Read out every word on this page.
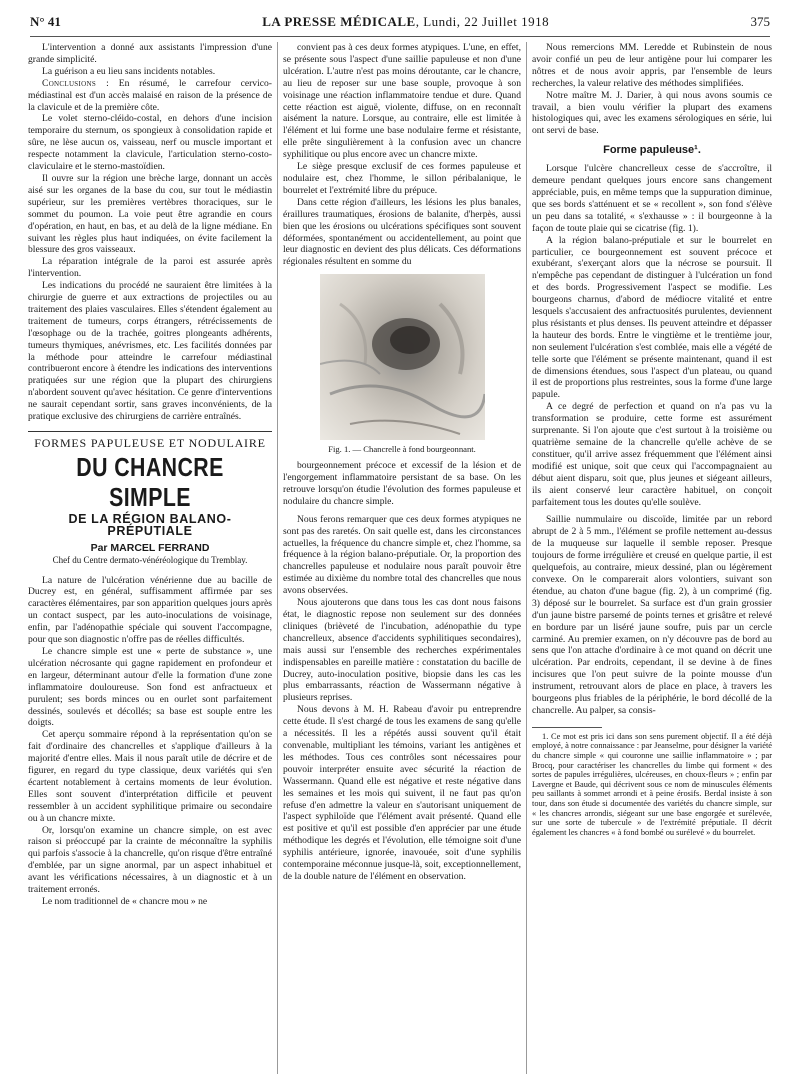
N° 41	LA PRESSE MÉDICALE, Lundi, 22 Juillet 1918	375

L'intervention a donné aux assistants l'impression d'une grande simplicité.

La guérison a eu lieu sans incidents notables.

Conclusions : En résumé, le carrefour cervico-médiastinal est d'un accès malaisé en raison de la présence de la clavicule et de la première côte.

Le volet sterno-cléido-costal, en dehors d'une incision temporaire du sternum, os spongieux à consolidation rapide et sûre, ne lèse aucun os, vaisseau, nerf ou muscle important et respecte notamment la clavicule, l'articulation sterno-costo-claviculaire et le sterno-mastoïdien.

Il ouvre sur la région une brèche large, donnant un accès aisé sur les organes de la base du cou, sur tout le médiastin supérieur, sur les premières vertèbres thoraciques, sur le sommet du poumon. La voie peut être agrandie en cours d'opération, en haut, en bas, et au delà de la ligne médiane. En suivant les règles plus haut indiquées, on évite facilement la blessure des gros vaisseaux.

La réparation intégrale de la paroi est assurée après l'intervention.

Les indications du procédé ne sauraient être limitées à la chirurgie de guerre et aux extractions de projectiles ou au traitement des plaies vasculaires. Elles s'étendent également au traitement de tumeurs, corps étrangers, rétrécissements de l'œsophage ou de la trachée, goitres plongeants adhérents, tumeurs thymiques, anévrismes, etc. Les facilités données par la méthode pour atteindre le carrefour médiastinal contribueront encore à étendre les indications des interventions pratiquées sur une région que la plupart des chirurgiens n'abordent souvent qu'avec hésitation. Ce genre d'interventions ne saurait cependant sortir, sans graves inconvénients, de la pratique exclusive des chirurgiens de carrière entraînés.

FORMES PAPULEUSE ET NODULAIRE
DU CHANCRE SIMPLE
DE LA RÉGION BALANO-PRÉPUTIALE
Par MARCEL FERRAND
Chef du Centre dermato-vénéréologique du Tremblay.

La nature de l'ulcération vénérienne due au bacille de Ducrey est, en général, suffisamment affirmée par ses caractères élémentaires, par son apparition quelques jours après un contact suspect, par les auto-inoculations de voisinage, enfin, par l'adénopathie spéciale qui souvent l'accompagne, pour que son diagnostic n'offre pas de réelles difficultés.

Le chancre simple est une « perte de substance », une ulcération nécrosante qui gagne rapidement en profondeur et en largeur, déterminant autour d'elle la formation d'une zone inflammatoire douloureuse. Son fond est anfractueux et purulent; ses bords minces ou en ourlet sont parfaitement dessinés, soulevés et décollés; sa base est souple entre les doigts.

Cet aperçu sommaire répond à la représentation qu'on se fait d'ordinaire des chancrelles et s'applique d'ailleurs à la majorité d'entre elles. Mais il nous paraît utile de décrire et de figurer, en regard du type classique, deux variétés qui s'en écartent notablement à certains moments de leur évolution. Elles sont souvent d'interprétation difficile et peuvent ressembler à un accident syphilitique primaire ou secondaire ou à un chancre mixte.

Or, lorsqu'on examine un chancre simple, on est avec raison si préoccupé par la crainte de méconnaître la syphilis qui parfois s'associe à la chancrelle, qu'on risque d'être entraîné d'emblée, par un signe anormal, par un aspect inhabituel et avant les vérifications nécessaires, à un diagnostic et à un traitement erronés.

Le nom traditionnel de « chancre mou » ne

convient pas à ces deux formes atypiques. L'une, en effet, se présente sous l'aspect d'une saillie papuleuse et non d'une ulcération. L'autre n'est pas moins déroutante, car le chancre, au lieu de reposer sur une base souple, provoque à son voisinage une réaction inflammatoire tendue et dure. Quand cette réaction est aiguë, violente, diffuse, on en reconnaît aisément la nature. Lorsque, au contraire, elle est limitée à l'élément et lui forme une base nodulaire ferme et résistante, elle prête singulièrement à la confusion avec un chancre syphilitique ou plus encore avec un chancre mixte.

Le siège presque exclusif de ces formes papuleuse et nodulaire est, chez l'homme, le sillon péribalanique, le bourrelet et l'extrémité libre du prépuce.

Dans cette région d'ailleurs, les lésions les plus banales, éraillures traumatiques, érosions de balanite, d'herpès, aussi bien que les érosions ou ulcérations spécifiques sont souvent déformées, spontanément ou accidentellement, au point que leur diagnostic en devient des plus délicats. Ces déformations régionales résultent en somme du

Fig. 1. — Chancrelle à fond bourgeonnant.

bourgeonnement précoce et excessif de la lésion et de l'engorgement inflammatoire persistant de sa base. On les retrouve lorsqu'on étudie l'évolution des formes papuleuse et nodulaire du chancre simple.

Nous ferons remarquer que ces deux formes atypiques ne sont pas des raretés. On sait quelle est, dans les circonstances actuelles, la fréquence du chancre simple et, chez l'homme, sa fréquence à la région balano-préputiale. Or, la proportion des chancrelles papuleuse et nodulaire nous paraît pouvoir être estimée au dixième du nombre total des chancrelles que nous avons observées.

Nous ajouterons que dans tous les cas dont nous faisons état, le diagnostic repose non seulement sur des données cliniques (brièveté de l'incubation, adénopathie du type chancrelleux, absence d'accidents syphilitiques secondaires), mais aussi sur l'ensemble des recherches expérimentales indispensables en pareille matière : constatation du bacille de Ducrey, auto-inoculation positive, biopsie dans les cas les plus embarrassants, réaction de Wassermann négative à plusieurs reprises.

Nous devons à M. H. Rabeau d'avoir pu entreprendre cette étude. Il s'est chargé de tous les examens de sang qu'elle a nécessités. Il les a répétés aussi souvent qu'il était convenable, multipliant les témoins, variant les antigènes et les méthodes. Tous ces contrôles sont nécessaires pour pouvoir interpréter ensuite avec sécurité la réaction de Wassermann. Quand elle est négative et reste négative dans les semaines et les mois qui suivent, il ne faut pas qu'on refuse d'en admettre la valeur en s'autorisant uniquement de l'aspect syphiloïde que l'élément avait présenté. Quand elle est positive et qu'il est possible d'en apprécier par une étude méthodique les degrés et l'évolution, elle témoigne soit d'une syphilis antérieure, ignorée, inavouée, soit d'une syphilis contemporaine méconnue jusque-là, soit, exceptionnellement, de la double nature de l'élément en observation.

Nous remercions MM. Leredde et Rubinstein de nous avoir confié un peu de leur antigène pour lui comparer les nôtres et de nous avoir appris, par l'ensemble de leurs recherches, la valeur relative des méthodes simplifiées.

Notre maître M. J. Darier, à qui nous avons soumis ce travail, a bien voulu vérifier la plupart des examens histologiques qui, avec les examens sérologiques en série, lui ont servi de base.

Forme papuleuse¹.

Lorsque l'ulcère chancrelleux cesse de s'accroître, il demeure pendant quelques jours encore sans changement appréciable, puis, en même temps que la suppuration diminue, que ses bords s'atténuent et se « recollent », son fond s'élève un peu dans sa totalité, « s'exhausse » : il bourgeonne à la façon de toute plaie qui se cicatrise (fig. 1).

A la région balano-préputiale et sur le bourrelet en particulier, ce bourgeonnement est souvent précoce et exubérant, s'exerçant alors que la nécrose se poursuit. Il n'empêche pas cependant de distinguer à l'ulcération un fond et des bords. Progressivement l'aspect se modifie. Les bourgeons charnus, d'abord de médiocre vitalité et entre lesquels s'accusaient des anfractuosités purulentes, deviennent plus résistants et plus denses. Ils peuvent atteindre et dépasser la hauteur des bords. Entre le vingtième et le trentième jour, non seulement l'ulcération s'est comblée, mais elle a végété de telle sorte que l'élément se présente maintenant, quand il est de dimensions étendues, sous l'aspect d'un plateau, ou quand il est de proportions plus restreintes, sous la forme d'une large papule.

A ce degré de perfection et quand on n'a pas vu la transformation se produire, cette forme est assurément surprenante. Si l'on ajoute que c'est surtout à la troisième ou quatrième semaine de la chancrelle qu'elle achève de se constituer, qu'il arrive assez fréquemment que l'élément ainsi modifié est unique, soit que ceux qui l'accompagnaient au début aient disparu, soit que, plus jeunes et siégeant ailleurs, ils aient conservé leur caractère habituel, on conçoit parfaitement tous les doutes qu'elle soulève.

Saillie nummulaire ou discoïde, limitée par un rebord abrupt de 2 à 5 mm., l'élément se profile nettement au-dessus de la muqueuse sur laquelle il semble reposer. Presque toujours de forme irrégulière et creusé en quelque partie, il est quelquefois, au contraire, mieux dessiné, plan ou légèrement convexe. On le comparerait alors volontiers, suivant son étendue, au chaton d'une bague (fig. 2), à un comprimé (fig. 3) déposé sur le bourrelet. Sa surface est d'un grain grossier d'un jaune bistre parsemé de points ternes et grisâtre et relevé en bordure par un liséré jaune soufre, puis par un cercle carminé. Au premier examen, on n'y découvre pas de bord au sens que l'on attache d'ordinaire à ce mot quand on décrit une ulcération. Par endroits, cependant, il se devine à de fines incisures que l'on peut suivre de la pointe mousse d'un instrument, retrouvant alors de place en place, à travers les bourgeons plus friables de la périphérie, le bord décollé de la chancrelle. Au palper, sa consis-

1. Ce mot est pris ici dans son sens purement objectif. Il a été déjà employé, à notre connaissance : par Jeanselme, pour désigner la variété du chancre simple « qui couronne une saillie inflammatoire » ; par Brocq, pour caractériser les chancrelles du limbe qui forment « des sortes de papules irrégulières, ulcéreuses, en choux-fleurs » ; enfin par Lavergne et Baude, qui décrivent sous ce nom de minuscules éléments peu saillants à sommet arrondi et à peine érosifs. Berdal insiste à son tour, dans son étude si documentée des variétés du chancre simple, sur « les chancres arrondis, siégeant sur une base engorgée et surélevée, sur une sorte de tubercule » de l'extrémité préputiale. Il décrit également les chancres « à fond bombé ou surélevé » du bourrelet.
